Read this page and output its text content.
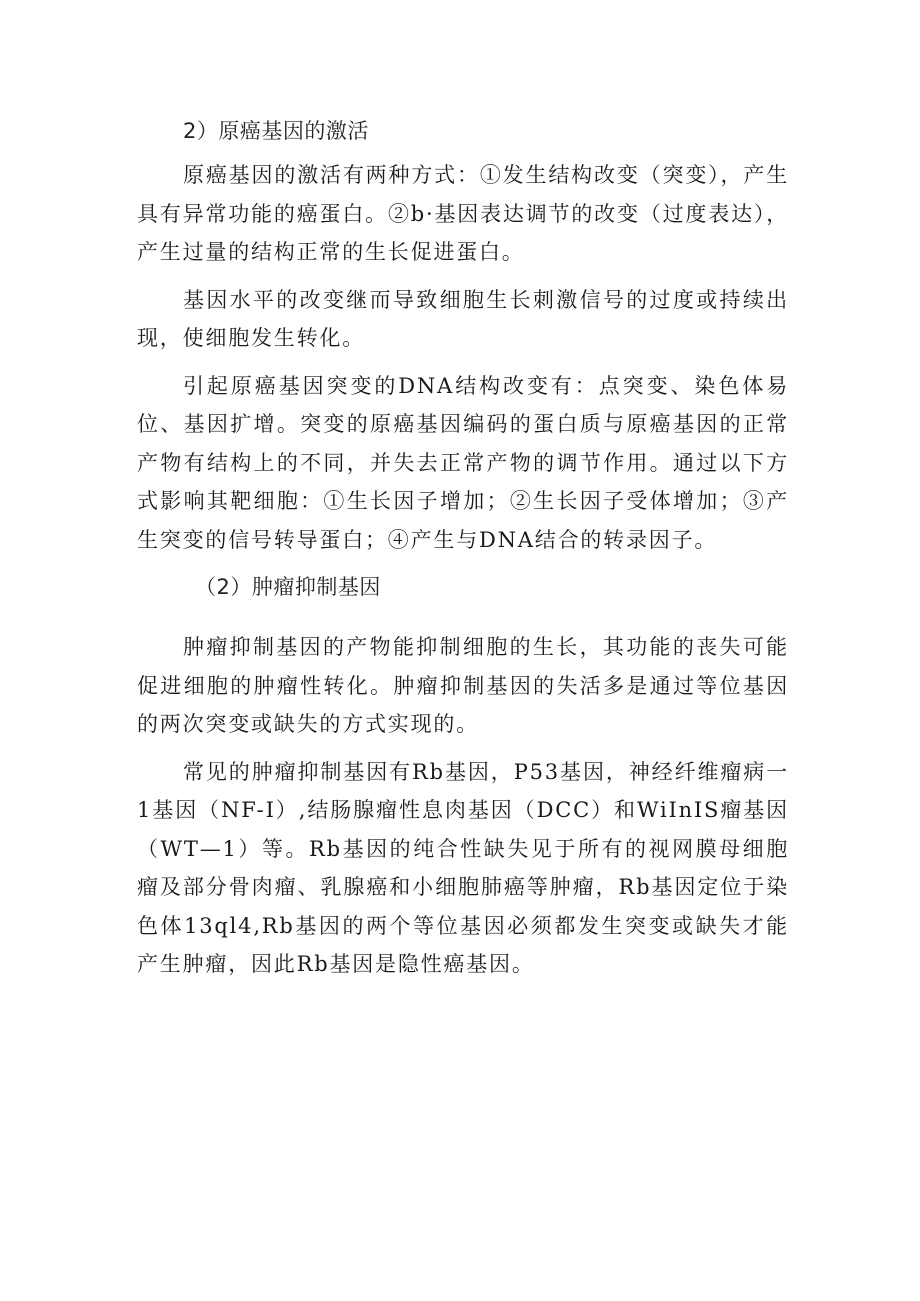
2）原癌基因的激活

原癌基因的激活有两种方式：①发生结构改变（突变），产生具有异常功能的癌蛋白。②b·基因表达调节的改变（过度表达），产生过量的结构正常的生长促进蛋白。

基因水平的改变继而导致细胞生长刺激信号的过度或持续出现，使细胞发生转化。

引起原癌基因突变的DNA结构改变有：点突变、染色体易位、基因扩增。突变的原癌基因编码的蛋白质与原癌基因的正常产物有结构上的不同，并失去正常产物的调节作用。通过以下方式影响其靶细胞：①生长因子增加；②生长因子受体增加；③产生突变的信号转导蛋白；④产生与DNA结合的转录因子。

（2）肿瘤抑制基因

肿瘤抑制基因的产物能抑制细胞的生长，其功能的丧失可能促进细胞的肿瘤性转化。肿瘤抑制基因的失活多是通过等位基因的两次突变或缺失的方式实现的。

常见的肿瘤抑制基因有Rb基因，P53基因，神经纤维瘤病一1基因（NF-I）,结肠腺瘤性息肉基因（DCC）和WiInIS瘤基因（WT—1）等。Rb基因的纯合性缺失见于所有的视网膜母细胞瘤及部分骨肉瘤、乳腺癌和小细胞肺癌等肿瘤，Rb基因定位于染色体13ql4,Rb基因的两个等位基因必须都发生突变或缺失才能产生肿瘤，因此Rb基因是隐性癌基因。
